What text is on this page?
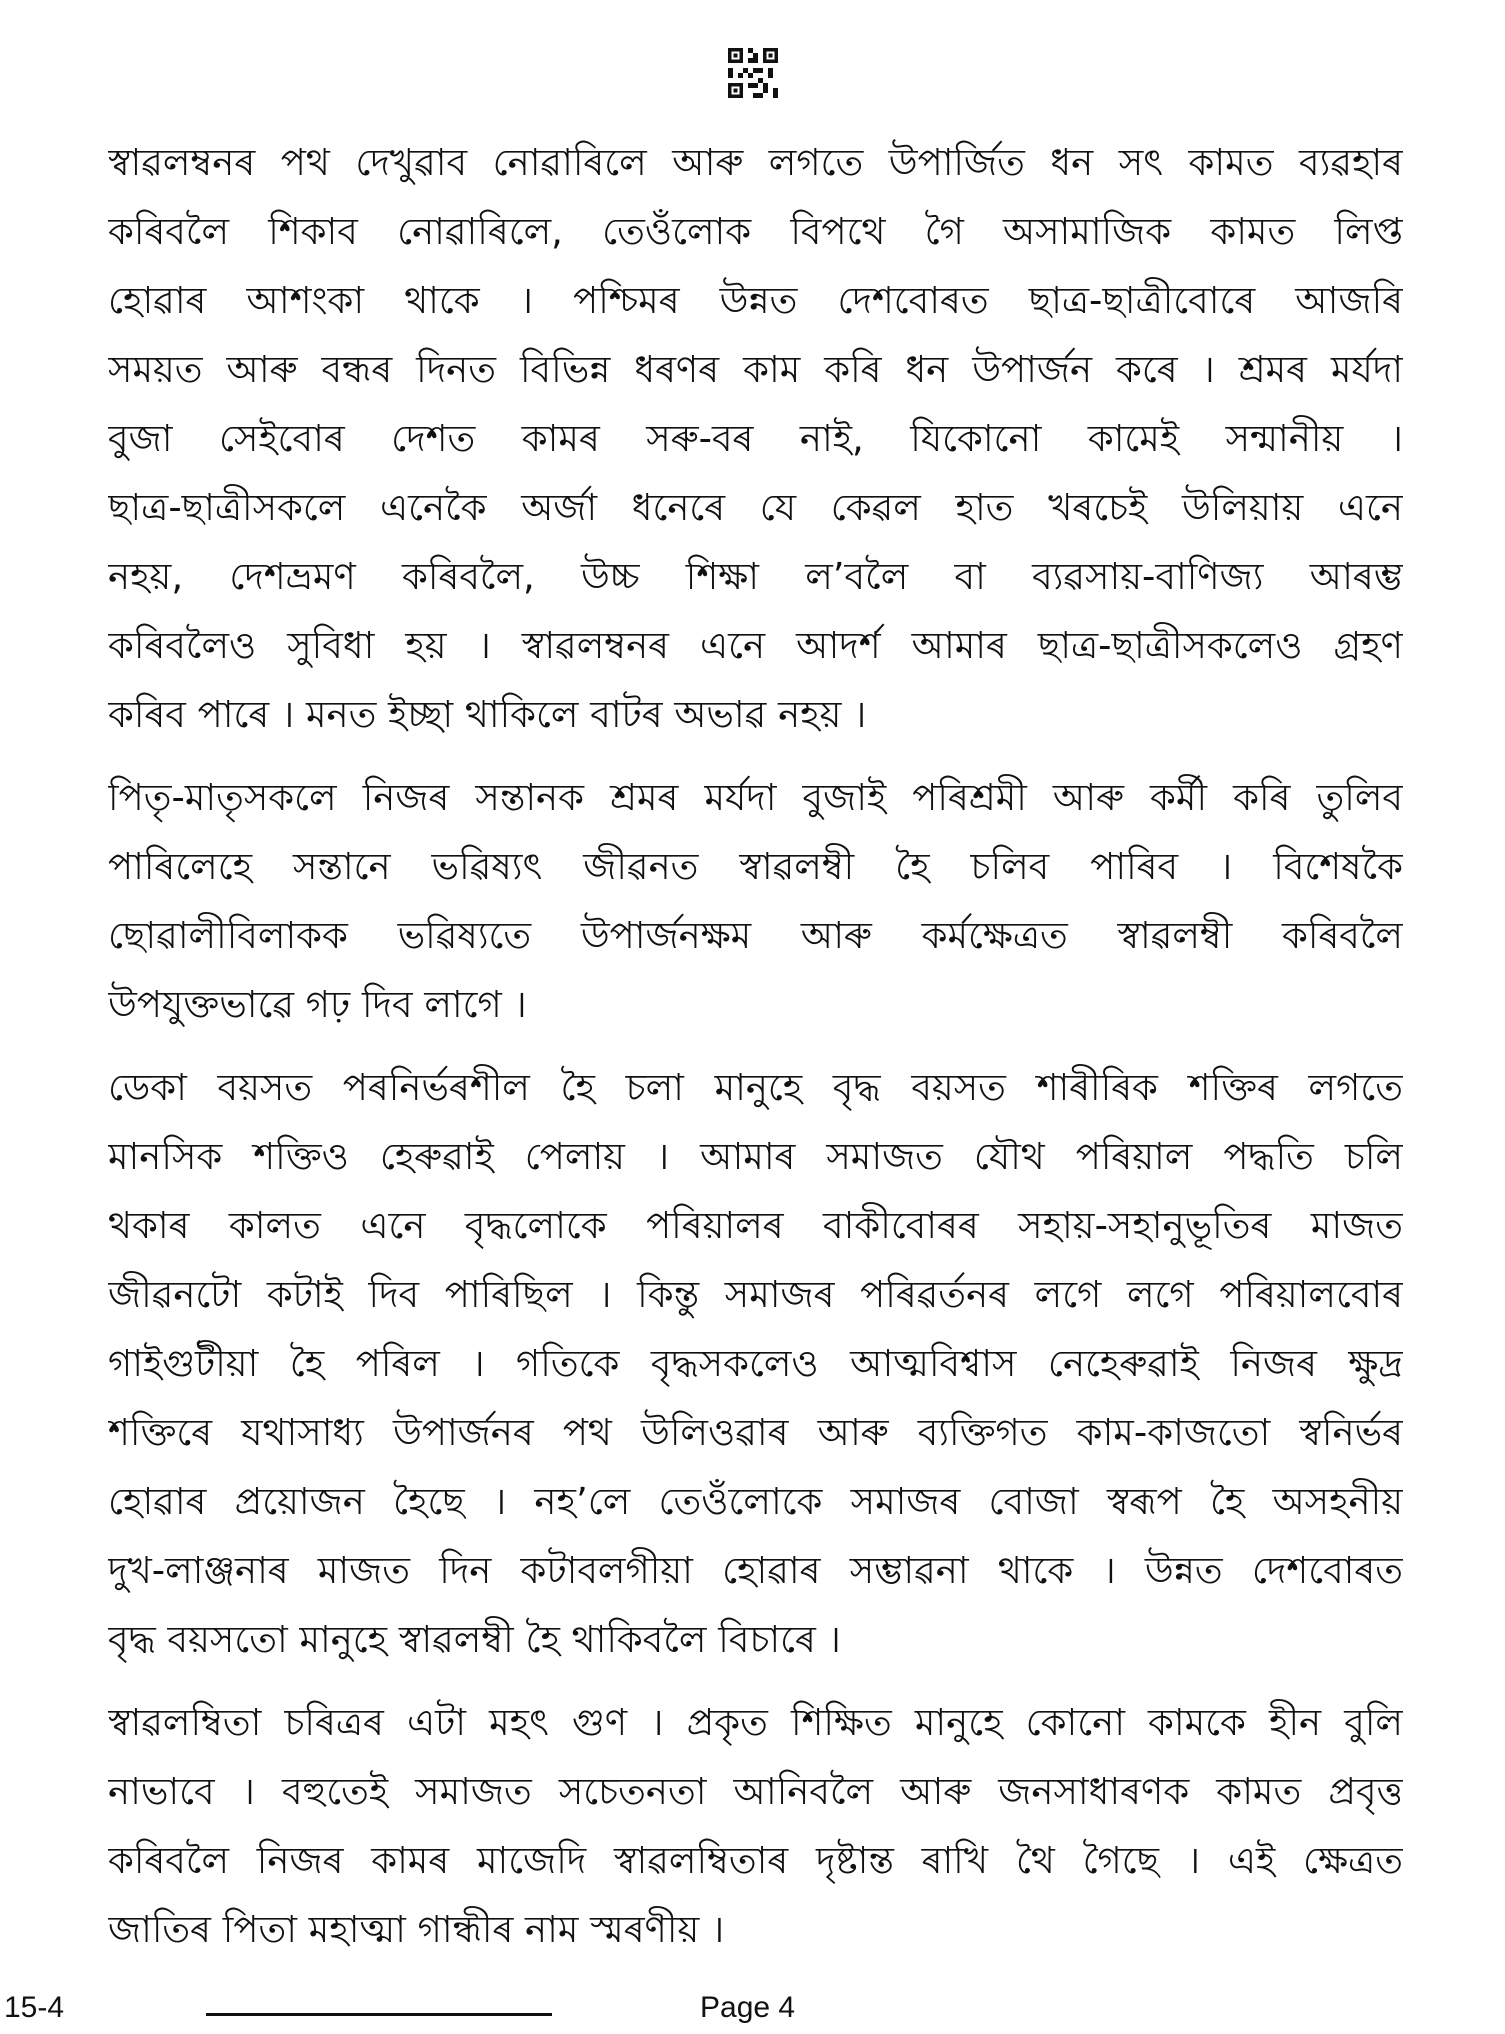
স্বাৱলম্বনৰ পথ দেখুৱাব নোৱাৰিলে আৰু লগতে উপাৰ্জিত ধন সৎ কামত ব্যৱহাৰ
কৰিবলৈ শিকাব নোৱাৰিলে, তেওঁলোক বিপথে গৈ অসামাজিক কামত লিপ্ত
হোৱাৰ আশংকা থাকে । পশ্চিমৰ উন্নত দেশবোৰত ছাত্ৰ-ছাত্ৰীবোৰে আজৰি
সময়ত আৰু বন্ধৰ দিনত বিভিন্ন ধৰণৰ কাম কৰি ধন উপাৰ্জন কৰে । শ্ৰমৰ মৰ্যদা
বুজা সেইবোৰ দেশত কামৰ সৰু-বৰ নাই, যিকোনো কামেই সন্মানীয় ।
ছাত্ৰ-ছাত্ৰীসকলে এনেকৈ অৰ্জা ধনেৰে যে কেৱল হাত খৰচেই উলিয়ায় এনে
নহয়, দেশভ্ৰমণ কৰিবলৈ, উচ্চ শিক্ষা ল’বলৈ বা ব্যৱসায়-বাণিজ্য আৰম্ভ
কৰিবলৈও সুবিধা হয় । স্বাৱলম্বনৰ এনে আদৰ্শ আমাৰ ছাত্ৰ-ছাত্ৰীসকলেও গ্ৰহণ
কৰিব পাৰে । মনত ইচ্ছা থাকিলে বাটৰ অভাৱ নহয় ।
পিতৃ-মাতৃসকলে নিজৰ সন্তানক শ্ৰমৰ মৰ্যদা বুজাই পৰিশ্ৰমী আৰু কৰ্মী কৰি তুলিব
পাৰিলেহে সন্তানে ভৱিষ্যৎ জীৱনত স্বাৱলম্বী হৈ চলিব পাৰিব । বিশেষকৈ
ছোৱালীবিলাকক ভৱিষ্যতে উপাৰ্জনক্ষম আৰু কৰ্মক্ষেত্ৰত স্বাৱলম্বী কৰিবলৈ
উপযুক্তভাৱে গঢ় দিব লাগে ।
ডেকা বয়সত পৰনিৰ্ভৰশীল হৈ চলা মানুহে বৃদ্ধ বয়সত শাৰীৰিক শক্তিৰ লগতে
মানসিক শক্তিও হেৰুৱাই পেলায় । আমাৰ সমাজত যৌথ পৰিয়াল পদ্ধতি চলি
থকাৰ কালত এনে বৃদ্ধলোকে পৰিয়ালৰ বাকীবোৰৰ সহায়-সহানুভূতিৰ মাজত
জীৱনটো কটাই দিব পাৰিছিল । কিন্তু সমাজৰ পৰিৱৰ্তনৰ লগে লগে পৰিয়ালবোৰ
গাইগুটীয়া হৈ পৰিল । গতিকে বৃদ্ধসকলেও আত্মবিশ্বাস নেহেৰুৱাই নিজৰ ক্ষুদ্ৰ
শক্তিৰে যথাসাধ্য উপাৰ্জনৰ পথ উলিওৱাৰ আৰু ব্যক্তিগত কাম-কাজতো স্বনিৰ্ভৰ
হোৱাৰ প্ৰয়োজন হৈছে । নহ’লে তেওঁলোকে সমাজৰ বোজা স্বৰূপ হৈ অসহনীয়
দুখ-লাঞ্জনাৰ মাজত দিন কটাবলগীয়া হোৱাৰ সম্ভাৱনা থাকে । উন্নত দেশবোৰত
বৃদ্ধ বয়সতো মানুহে স্বাৱলম্বী হৈ থাকিবলৈ বিচাৰে ।
স্বাৱলম্বিতা চৰিত্ৰৰ এটা মহৎ গুণ । প্ৰকৃত শিক্ষিত মানুহে কোনো কামকে হীন বুলি
নাভাবে । বহুতেই সমাজত সচেতনতা আনিবলৈ আৰু জনসাধাৰণক কামত প্ৰবৃত্ত
কৰিবলৈ নিজৰ কামৰ মাজেদি স্বাৱলম্বিতাৰ দৃষ্টান্ত ৰাখি থৈ গৈছে । এই ক্ষেত্ৰত
জাতিৰ পিতা মহাত্মা গান্ধীৰ নাম স্মৰণীয় ।
15-4	Page 4
